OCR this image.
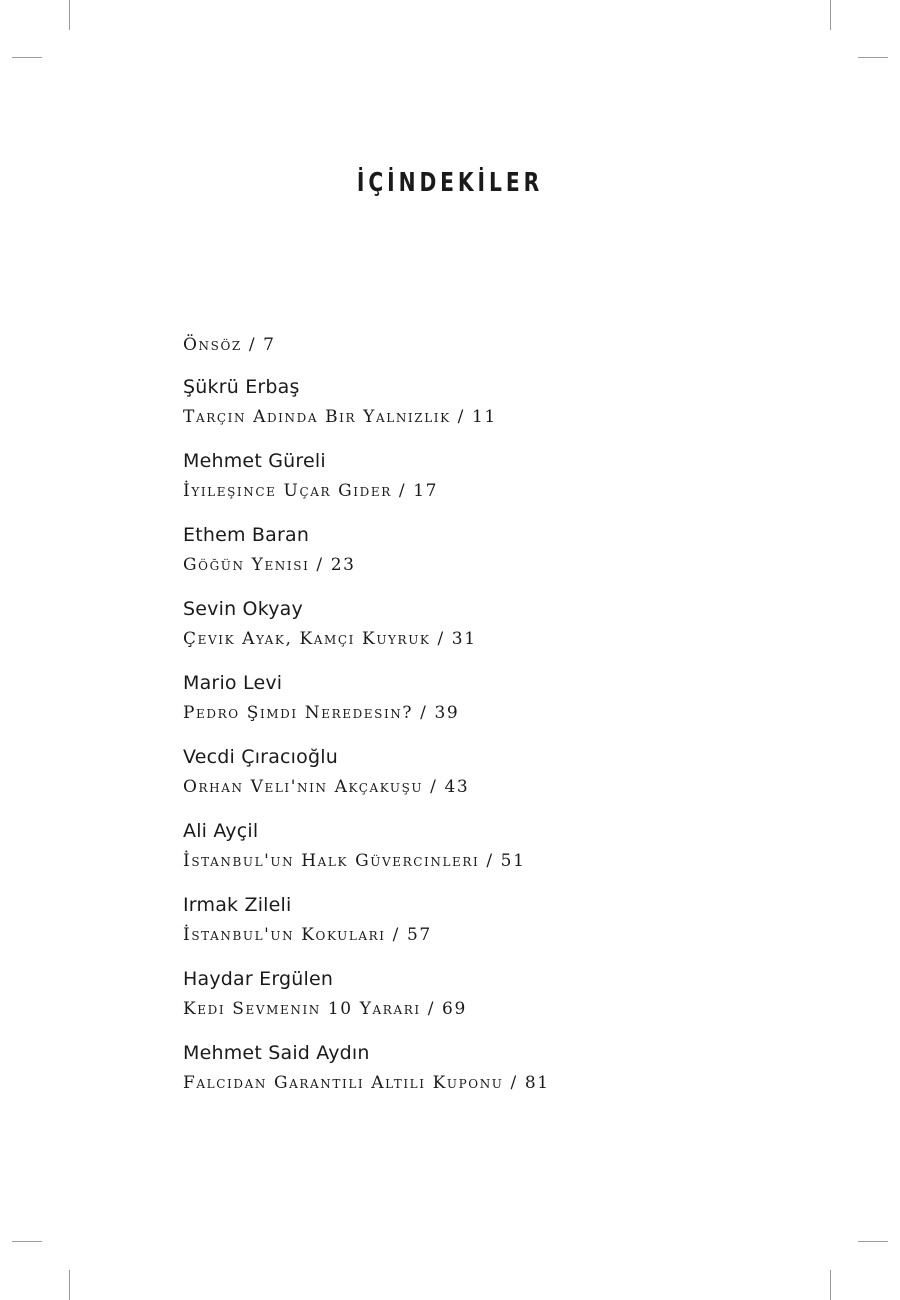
İÇİNDEKİLER
Önsöz / 7
Şükrü Erbaş
Tarçın Adında Bir Yalnızlık / 11
Mehmet Güreli
İyileşince Uçar Gider / 17
Ethem Baran
Göğün Yenisi / 23
Sevin Okyay
Çevik Ayak, Kamçı Kuyruk / 31
Mario Levi
Pedro Şimdi Neredesin? / 39
Vecdi Çıracıoğlu
Orhan Veli'nin Akçakuşu / 43
Ali Ayçil
İstanbul'un Halk Güvercinleri / 51
Irmak Zileli
İstanbul'un Kokuları / 57
Haydar Ergülen
Kedi Sevmenin 10 Yararı / 69
Mehmet Said Aydın
Falcıdan Garantili Altılı Kuponu / 81
